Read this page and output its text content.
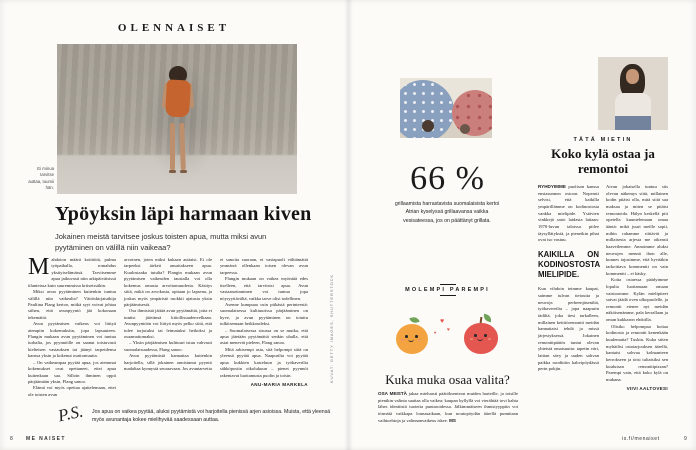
OLENNAISET
Ei minua tarvitse auttaa, tuumii hän.
Ypöyksin läpi harmaan kiven
Jokainen meistä tarvitsee joskus toisten apua, mutta miksi avun pyytäminen on välillä niin vaikeaa?

Mahdoton määrä kotitöitä, pulma työpaikalla, romahdus yksityiselämässä. Tarvitsemme apua jatkuvasti niin arkipäiväisissä tilanteissa kuin suuremmissa kriiseissäkin.

Miksi avun pyytäminen kuitenkin tuntuu välillä niin vaikealta? Väitöskirjatutkija Pauliina Flang kertoo, mitkä syyt voivat johtaa siihen, että avunpyyntö jää kokonaan tekemättä.

Avun pyytämisen vaikeus voi liittyä aiempiin kokemuksiin, jopa lapsuuteen. Flangin mukaan avun pyytäminen voi tuntua turhalta, jos pyynnöille on saanut toistuvasti kielteisen vastauksen tai jäänyt tarpeidensa kanssa yksin ja kokenut osattomuutta.

– On vaikeampaa pyytää apua, jos aiemmat kokemukset ovat opettaneet, ettei apua kuitenkaan saa. Silloin ihminen oppii pärjäämään yksin, Flang sanoo.

Elämä voi myös opettaa ajattelemaan, ettei ole toisten avun

arvoinen, joten miksi kukaan auttaisi. Ei ole tarpeeksi tärkeä ansaitakseen apua. Kuulostaako tutulta? Flangin mukaan avun pyytämisen vaikeuden taustalla voi olla kokemus omasta arvottomuudesta. Käsitys siitä, mikä on arvokasta, opitaan jo lapsena, ja joskus myös ympäristö ruokkii ajatusta yksin pärjäämisestä.

Osa ihmisistä jättää avun pyytämättä, jotta ei tuntisi jäävänsä kiitollisuudenvelkaan. Avunpyyntöön voi liittyä myös pelko siitä, että tulee torjutuksi tai leimatuksi heikoksi ja osaamattomaksi.

– Yksin pärjäämisen kulttuuri istuu vahvasti suomalaisuudessa, Flang sanoo.

Avun pyytämistä kannattaa kuitenkin harjoitella, sillä jokainen onnistunut pyyntö madaltaa kynnystä seuraavaan. Jos avuntarvetta

ei sanoita suoraan, ei vastapuoli välttämättä ymmärrä ollenkaan toisen olevan avun tarpeessa.

Flangin mukaan on vaikea myöntää edes itselleen, että tarvitsisi apua. Avun vastaanottaminen voi tuntua jopa nöyryyttävältä, vaikka tarve olisi todellinen.

Asenne kumpuaa osin pitkästä perinteestä: suomalaisessa kulttuurissa pärjääminen on hyve, ja avun pyytäminen on totuttu tulkitsemaan heikkoudeksi.

– Suomalaisessa sisussa on se mutka, että apua jätetään pyytämättä senkin uhalla, että asiat menevät pieleen, Flang sanoo.

Mitä arkisempi asia, sitä helpompi siitä on yleensä pyytää apua. Naapurilta voi pyytää apua kukkien kasteluun ja työkaverilta sähköpostin oikolukuun – pienet pyynnöt rakentavat luottamusta puolin ja toisin.

ANU-MARIA MARKELA
KUVAT: GETTY IMAGES, SHUTTERSTOCK
P.S. Jos apua on vaikea pyytää, aluksi pyytämistä voi harjoitella pienissä arjen asioissa. Muista, että yleensä myös avunantaja kokee mielihyvää saadessaan auttaa.
8	ME NAISET
66 %
grillaamista harrastavista suomalaisista kertoi Atrian kyselyssä grillaavansa vaikka vesisateessa, jos on päättänyt grillata.
MOLEMPI PAREMPI
♥
♥
♥
Kuka muka osaa valita?

OSA MEISTÄ jakaa mieluusti päätöksenteon muiden harteille, ja toisille pienikin valinta saattaa olla vaikea: kaupan hyllyllä voi vierähtää tovi kahta lähes identtistä tuotetta puntaroidessa. Jälkimmäiseen ihmistyyppiin voi törmätä vaikkapa lounasaikaan, kun noutopöydän äärellä punnitaan vaihtoehtoja ja valinnanvaikeus iskee. MS

TÄTÄ MIETIN
Koko kylä ostaa ja remontoi

RYHDYIMME puolison kanssa ensiasunnon ostoon. Nopeasti selvisi, että kaikilla ympärillämme on kodinostosta vankka mielipide. Ystävien vinkkejä satoi laidasta laitaan: 1970-luvun taloissa piilee täysyllätyksiä, ja pienetkin pihat ovat iso vastuu.

KAIKILLA ON KODINOSTOSTA MIELIPIDE.

Kun vihdoin teimme kaupat, saimme tulvan tietoutta ja neuvoja perheenjäseniltä, työkavereilta – jopa naapurin tädiltä, joka tiesi tarkalleen, millainen keittiöremontti meidän kannattaisi tehdä ja missä järjestyksessä. Jokainen remonttipäätös tuntui olevan yhteistä omaisuutta: tapetin väri, lattian sävy ja uuden sohvan paikka ruodittiin kahvipöydässä perin pohjin.

Aivan jokaisella tuntuu siis olevan näkemys siitä, millainen kodin pitäisi olla, mitä siitä saa maksaa ja miten se pitäisi remontoida. Hälyn keskellä piti opetella kuuntelemaan omaa ääntä: mikä juuri meille sopii, mihin rahamme riittävät ja millaisesta arjesta me oikeasti haaveilemme. Annoimme aluksi neuvojen mennä ihon alle, kunnes tajusimme, että hyvääkin tarkoittava kommentti on vain kommentti – ei käsky.

Kotia ostaessa päädyimme lopulta luottamaan omaan vaistoomme. Kylän mielipiteet saivat jäädä oven ulkopuolelle, ja remontti etenee nyt meidän näköisenämme, pala kerrallaan ja oman kukkaron ehdoilla.

Olisiko helpompaa hoitaa kodinosto ja remontti kenenkään kuulematta? Tuskin. Kuka sitten myhäilisi ostotarjouksen äärellä, kantaisi sohvaa kolmanteen kerrokseen ja toisi tuliaisiksi sen kuuluisan remonttipizzan? Parempi vain, että koko kylä on mukana.

VIIVI AALTOVESI
is.fi/menaiset	9
